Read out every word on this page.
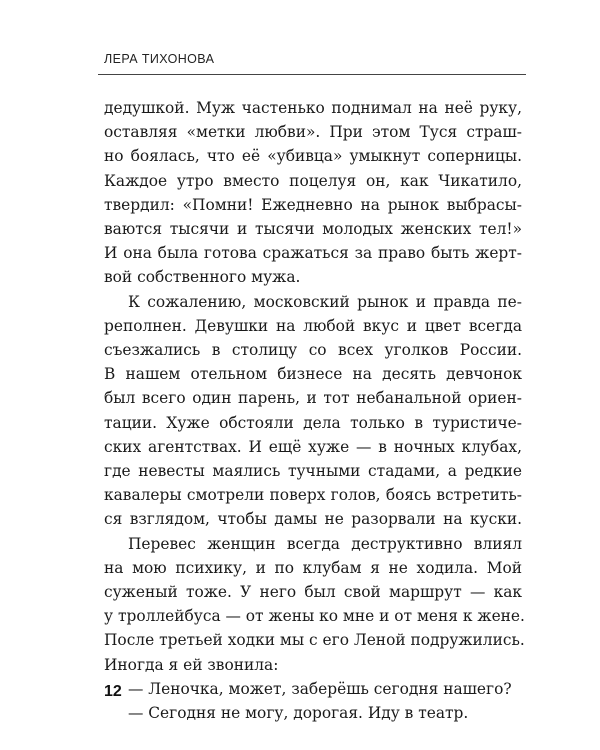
ЛЕРА ТИХОНОВА

дедушкой. Муж частенько поднимал на неё руку,

оставляя «метки любви». При этом Туся страш-

но боялась, что её «убивца» умыкнут соперницы.

Каждое утро вместо поцелуя он, как Чикатило,

твердил: «Помни! Ежедневно на рынок выбрасы-

ваются тысячи и тысячи молодых женских тел!»

И она была готова сражаться за право быть жерт-

вой собственного мужа.

К сожалению, московский рынок и правда пе-

реполнен. Девушки на любой вкус и цвет всегда

съезжались в столицу со всех уголков России.

В нашем отельном бизнесе на десять девчонок

был всего один парень, и тот небанальной ориен-

тации. Хуже обстояли дела только в туристиче-

ских агентствах. И ещё хуже — в ночных клубах,

где невесты маялись тучными стадами, а редкие

кавалеры смотрели поверх голов, боясь встретить-

ся взглядом, чтобы дамы не разорвали на куски.

Перевес женщин всегда деструктивно влиял

на мою психику, и по клубам я не ходила. Мой

суженый тоже. У него был свой маршрут — как

у троллейбуса — от жены ко мне и от меня к жене.

После третьей ходки мы с его Леной подружились.

Иногда я ей звонила:

— Леночка, может, заберёшь сегодня нашего?

— Сегодня не могу, дорогая. Иду в театр.

12
